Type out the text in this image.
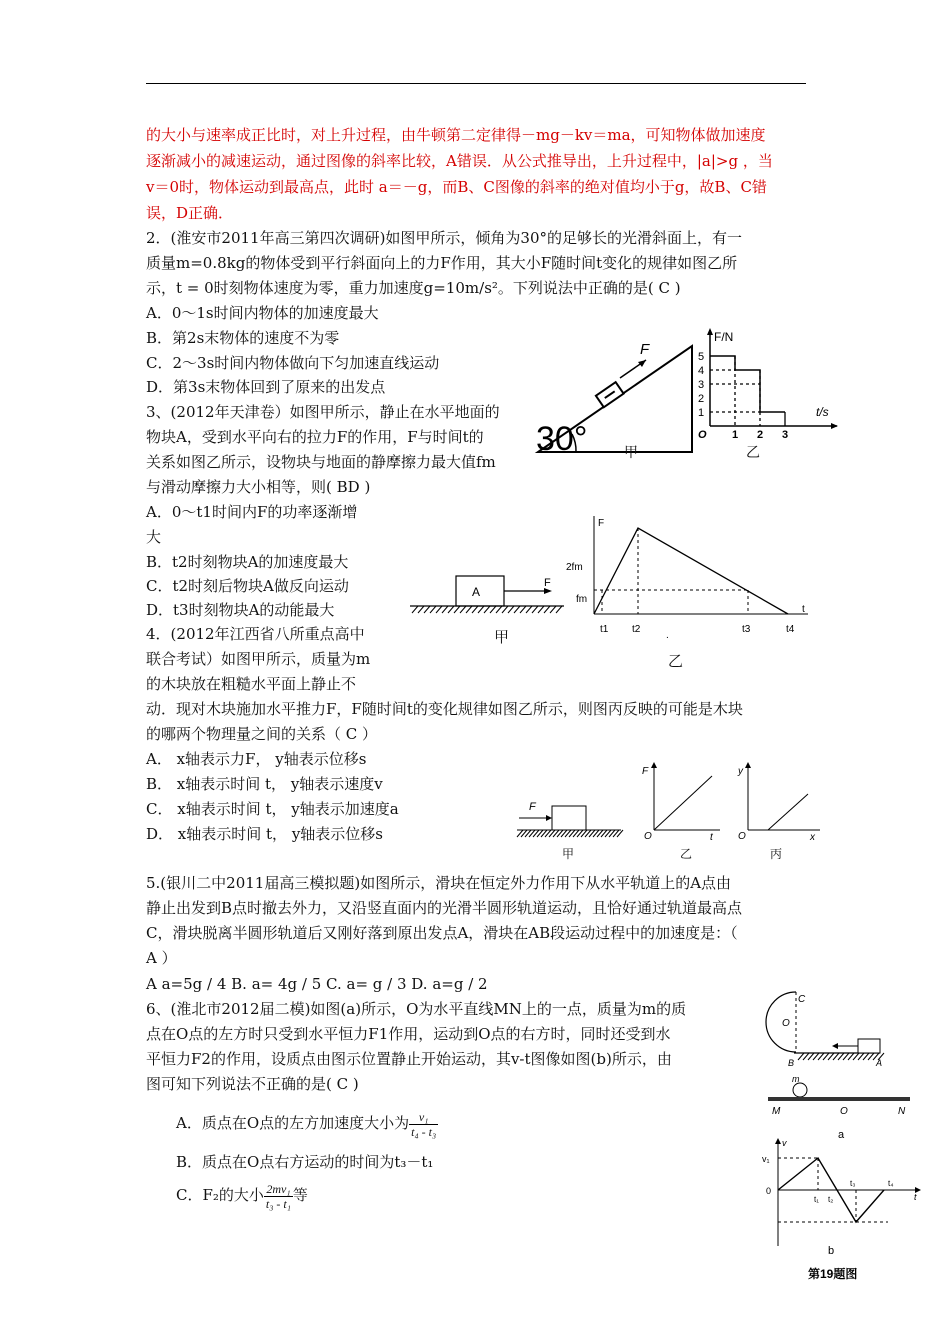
的大小与速率成正比时，对上升过程，由牛顿第二定律得－mg－kv＝ma，可知物体做加速度
逐渐减小的减速运动，通过图像的斜率比较，A错误．从公式推导出，上升过程中，|a|>g ，当
v＝0时，物体运动到最高点，此时 a＝－g，而B、C图像的斜率的绝对值均小于g，故B、C错
误，D正确．
2．(淮安市2011年高三第四次调研)如图甲所示，倾角为30°的足够长的光滑斜面上，有一
质量m=0.8kg的物体受到平行斜面向上的力F作用，其大小F随时间t变化的规律如图乙所
示，t = 0时刻物体速度为零，重力加速度g=10m/s²。下列说法中正确的是( C )
A．0～1s时间内物体的加速度最大
B．第2s末物体的速度不为零
C．2～3s时间内物体做向下匀加速直线运动
D．第3s末物体回到了原来的出发点
F
30°	甲
F/N
t/s
O
5
4
3
2
1
1 2 3
乙
3、(2012年天津卷）如图甲所示，静止在水平地面的
物块A，受到水平向右的拉力F的作用，F与时间t的
关系如图乙所示，设物块与地面的静摩擦力最大值fm
与滑动摩擦力大小相等，则( BD )
A．0～t1时间内F的功率逐渐增
大
B．t2时刻物块A的加速度最大
C．t2时刻后物块A做反向运动
D．t3时刻物块A的动能最大
A
F
甲
F
t
2fm
fm
t1 t2	t3	t4
.
乙
4．(2012年江西省八所重点高中
联合考试）如图甲所示，质量为m
的木块放在粗糙水平面上静止不
动．现对木块施加水平推力F，F随时间t的变化规律如图乙所示，则图丙反映的可能是木块
的哪两个物理量之间的关系（ C ）
A． x轴表示力F， y轴表示位移s
B． x轴表示时间 t， y轴表示速度v
C． x轴表示时间 t， y轴表示加速度a
D． x轴表示时间 t， y轴表示位移s
F
甲
F
t
O
乙
y
x
O
丙
5.(银川二中2011届高三模拟题)如图所示，滑块在恒定外力作用下从水平轨道上的A点由
静止出发到B点时撤去外力，又沿竖直面内的光滑半圆形轨道运动，且恰好通过轨道最高点
C，滑块脱离半圆形轨道后又刚好落到原出发点A，滑块在AB段运动过程中的加速度是：（
A ）
A a=5g / 4 B. a= 4g / 5 C. a= g / 3 D. a=g / 2
6、(淮北市2012届二模)如图(a)所示，O为水平直线MN上的一点，质量为m的质
点在O点的左方时只受到水平恒力F1作用，运动到O点的右方时，同时还受到水
平恒力F2的作用，设质点由图示位置静止开始运动，其v-t图像如图(b)所示，由
图可知下列说法不正确的是( C )
A．质点在O点的左方加速度大小为 $\frac{\text{v₁}}{\text{t₄ - t₃}}$
B．质点在O点右方运动的时间为t₃－t₁
C．F₂的大小 $\frac{\text{2mv₁}}{\text{t₃ - t₁}}$ 等
C
O
B	A
m
M	O	N
a
v
v₁
0
t₁ t₂
t₃	t₄
t
b
第19题图
